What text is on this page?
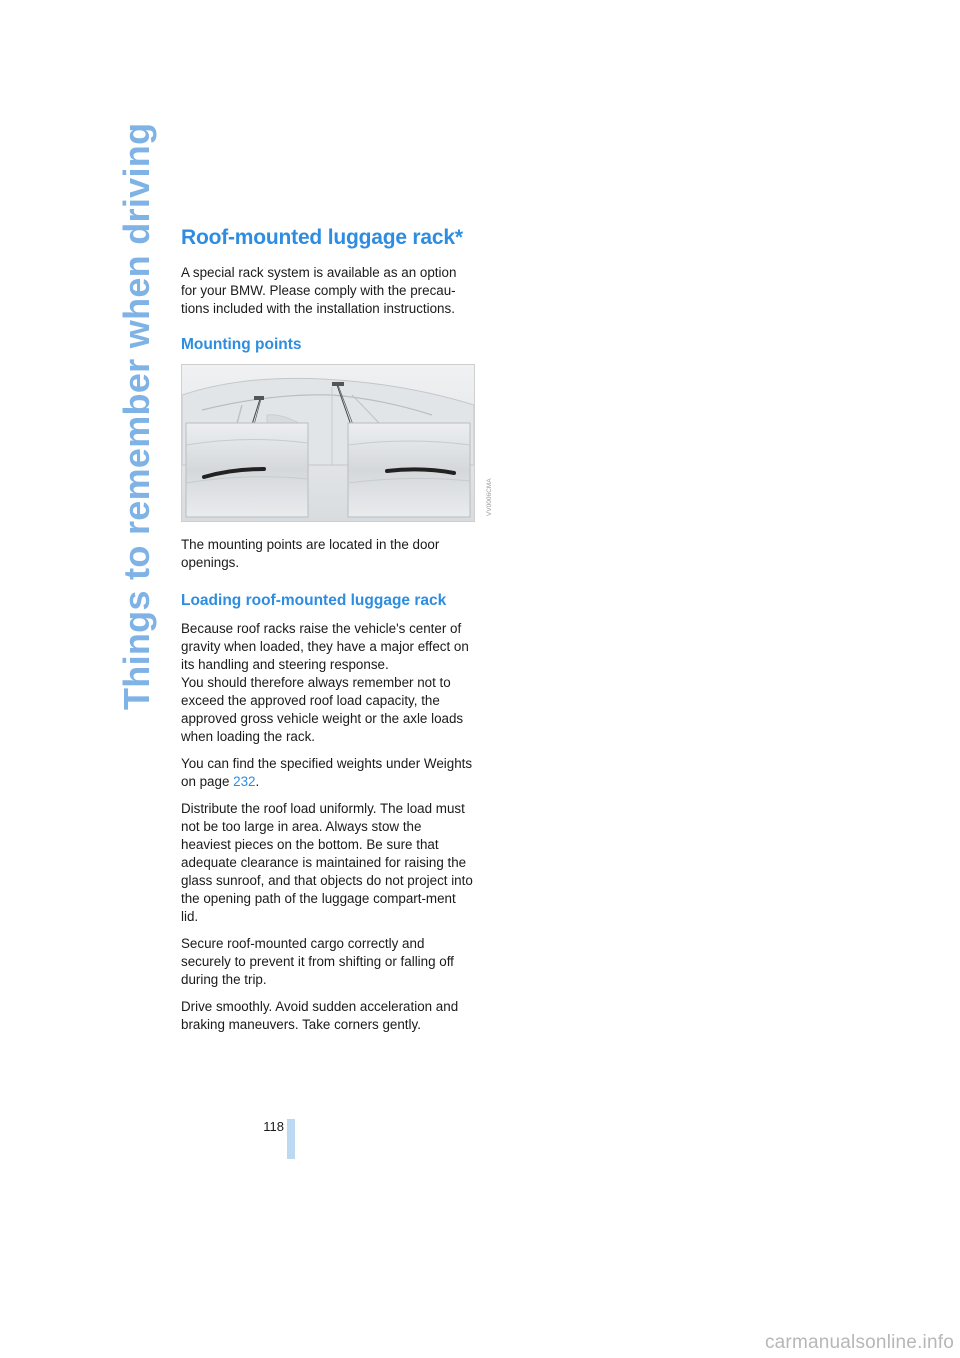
Things to remember when driving Roof-mounted luggage rack*

A special rack system is available as an option for your BMW. Please comply with the precau-tions included with the installation instructions.

Mounting points

The mounting points are located in the door openings.

Loading roof-mounted luggage rack

Because roof racks raise the vehicle's center of gravity when loaded, they have a major effect on its handling and steering response.

You should therefore always remember not to exceed the approved roof load capacity, the approved gross vehicle weight or the axle loads when loading the rack.

You can find the specified weights under Weights on page 232.

Distribute the roof load uniformly. The load must not be too large in area. Always stow the heaviest pieces on the bottom. Be sure that adequate clearance is maintained for raising the glass sunroof, and that objects do not project into the opening path of the luggage compart-ment lid.

Secure roof-mounted cargo correctly and securely to prevent it from shifting or falling off during the trip.

Drive smoothly. Avoid sudden acceleration and braking maneuvers. Take corners gently.

VV0006CMA
118
carmanualsonline.info
